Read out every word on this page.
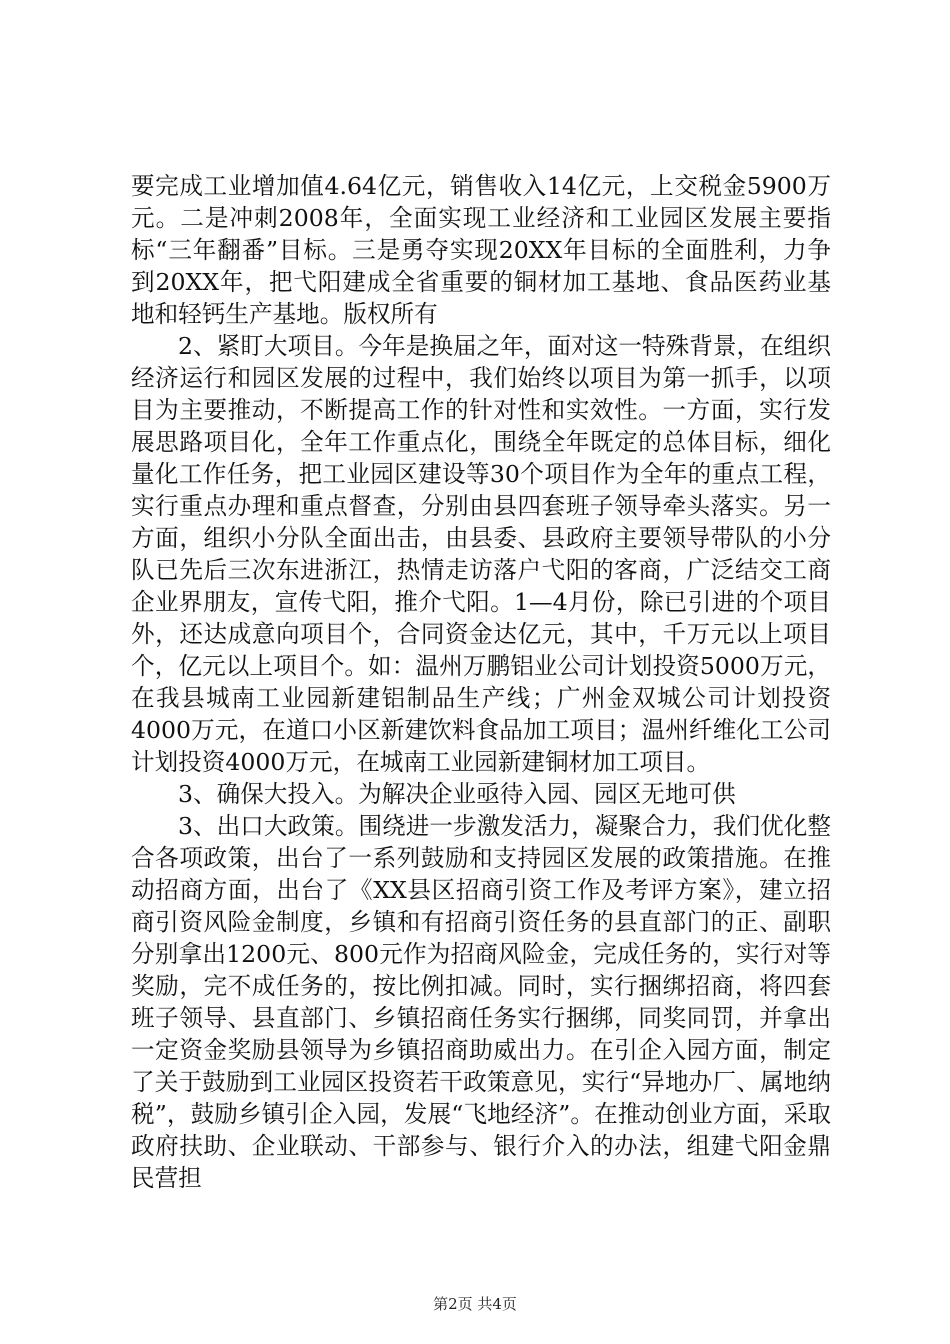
要完成工业增加值4.64亿元，销售收入14亿元，上交税金5900万元。二是冲刺2008年，全面实现工业经济和工业园区发展主要指标“三年翻番”目标。三是勇夺实现20XX年目标的全面胜利，力争到20XX年，把弋阳建成全省重要的铜材加工基地、食品医药业基地和轻钙生产基地。版权所有

2、紧盯大项目。今年是换届之年，面对这一特殊背景，在组织经济运行和园区发展的过程中，我们始终以项目为第一抓手，以项目为主要推动，不断提高工作的针对性和实效性。一方面，实行发展思路项目化，全年工作重点化，围绕全年既定的总体目标，细化量化工作任务，把工业园区建设等30个项目作为全年的重点工程，实行重点办理和重点督查，分别由县四套班子领导牵头落实。另一方面，组织小分队全面出击，由县委、县政府主要领导带队的小分队已先后三次东进浙江，热情走访落户弋阳的客商，广泛结交工商企业界朋友，宣传弋阳，推介弋阳。1—4月份，除已引进的个项目外，还达成意向项目个，合同资金达亿元，其中，千万元以上项目个，亿元以上项目个。如：温州万鹏铝业公司计划投资5000万元，在我县城南工业园新建铝制品生产线；广州金双城公司计划投资4000万元，在道口小区新建饮料食品加工项目；温州纤维化工公司计划投资4000万元，在城南工业园新建铜材加工项目。

3、确保大投入。为解决企业亟待入园、园区无地可供

3、出口大政策。围绕进一步激发活力，凝聚合力，我们优化整合各项政策，出台了一系列鼓励和支持园区发展的政策措施。在推动招商方面，出台了《XX县区招商引资工作及考评方案》，建立招商引资风险金制度，乡镇和有招商引资任务的县直部门的正、副职分别拿出1200元、800元作为招商风险金，完成任务的，实行对等奖励，完不成任务的，按比例扣减。同时，实行捆绑招商，将四套班子领导、县直部门、乡镇招商任务实行捆绑，同奖同罚，并拿出一定资金奖励县领导为乡镇招商助威出力。在引企入园方面，制定了关于鼓励到工业园区投资若干政策意见，实行“异地办厂、属地纳税”，鼓励乡镇引企入园，发展“飞地经济”。在推动创业方面，采取政府扶助、企业联动、干部参与、银行介入的办法，组建弋阳金鼎民营担

第2页 共4页
